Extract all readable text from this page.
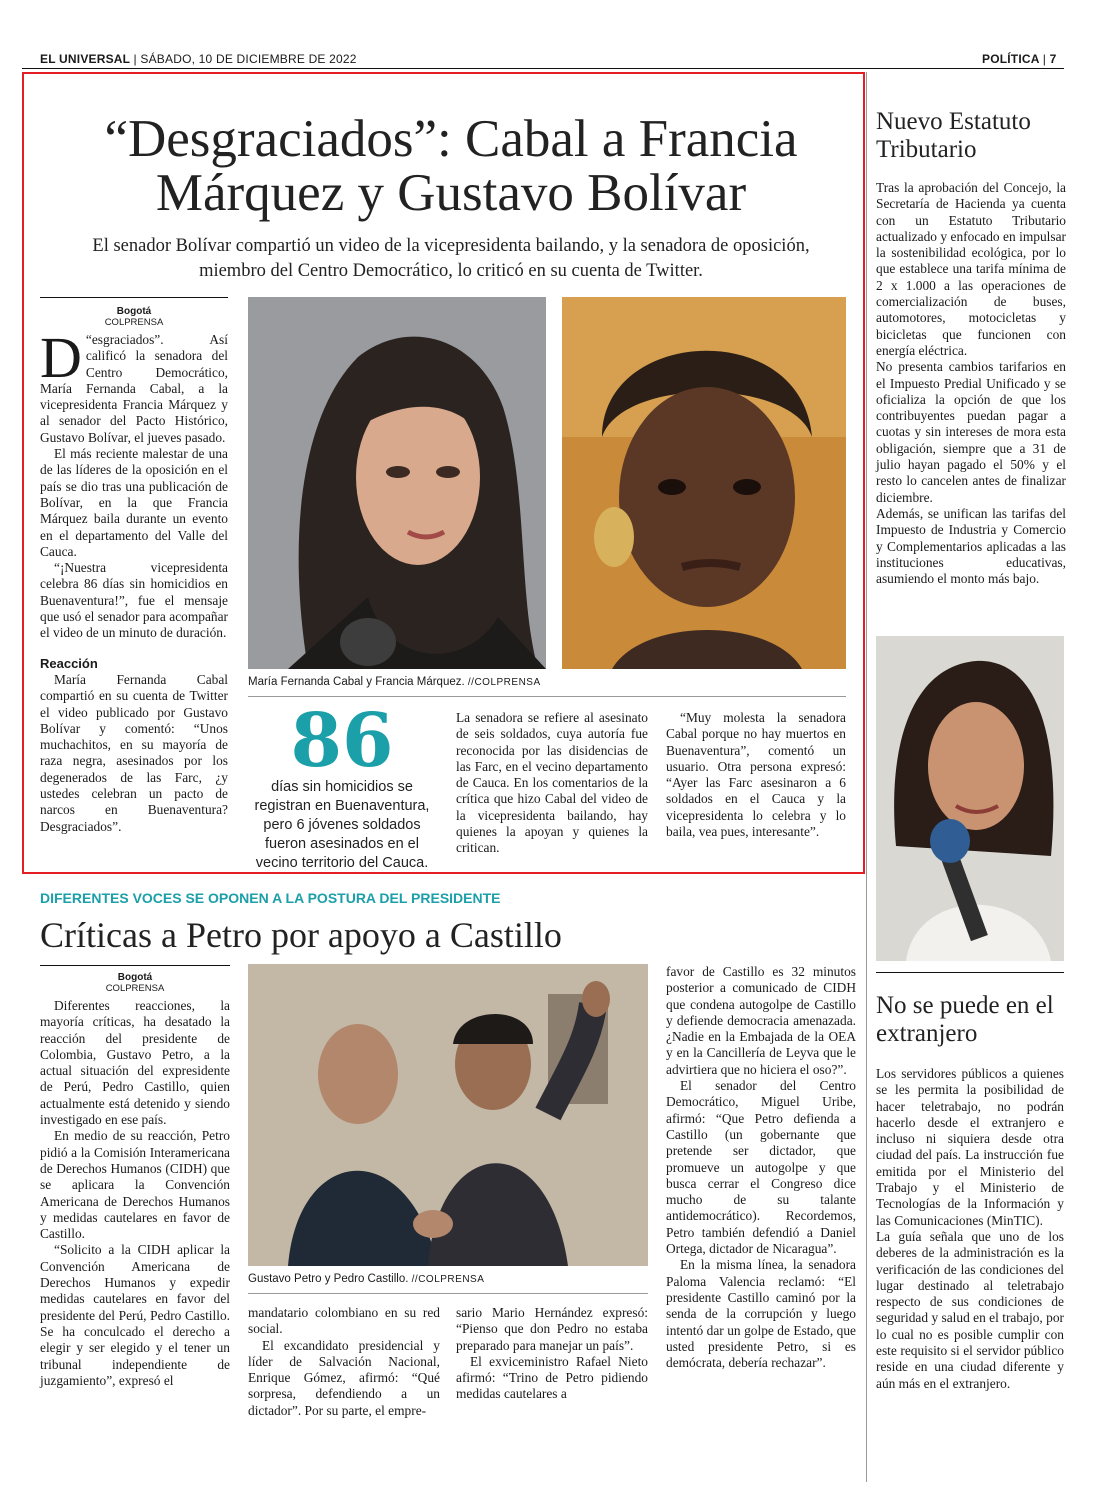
EL UNIVERSAL | SÁBADO, 10 DE DICIEMBRE DE 2022	POLÍTICA | 7
“Desgraciados”: Cabal a Francia Márquez y Gustavo Bolívar
El senador Bolívar compartió un video de la vicepresidenta bailando, y la senadora de oposición, miembro del Centro Democrático, lo criticó en su cuenta de Twitter.
Bogotá
COLPRENSA

D “esgraciados”. Así calificó la senadora del Centro Democrático, María Fernanda Cabal, a la vicepresidenta Francia Márquez y al senador del Pacto Histórico, Gustavo Bolívar, el jueves pasado.

El más reciente malestar de una de las líderes de la oposición en el país se dio tras una publicación de Bolívar, en la que Francia Márquez baila durante un evento en el departamento del Valle del Cauca.

“¡Nuestra vicepresidenta celebra 86 días sin homicidios en Buenaventura!”, fue el mensaje que usó el senador para acompañar el video de un minuto de duración.

Reacción

María Fernanda Cabal compartió en su cuenta de Twitter el video publicado por Gustavo Bolívar y comentó: “Unos muchachitos, en su mayoría de raza negra, asesinados por los degenerados de las Farc, ¿y ustedes celebran un pacto de narcos en Buenaventura? Desgraciados”.

María Fernanda Cabal y Francia Márquez. //COLPRENSA
86
días sin homicidios se registran en Buenaventura, pero 6 jóvenes soldados fueron asesinados en el vecino territorio del Cauca.

La senadora se refiere al asesinato de seis soldados, cuya autoría fue reconocida por las disidencias de las Farc, en el vecino departamento de Cauca. En los comentarios de la crítica que hizo Cabal del video de la vicepresidenta bailando, hay quienes la apoyan y quienes la critican.

“Muy molesta la senadora Cabal porque no hay muertos en Buenaventura”, comentó un usuario. Otra persona expresó: “Ayer las Farc asesinaron a 6 soldados en el Cauca y la vicepresidenta lo celebra y lo baila, vea pues, interesante”.

Nuevo Estatuto Tributario

Tras la aprobación del Concejo, la Secretaría de Hacienda ya cuenta con un Estatuto Tributario actualizado y enfocado en impulsar la sostenibilidad ecológica, por lo que establece una tarifa mínima de 2 x 1.000 a las operaciones de comercialización de buses, automotores, motocicletas y bicicletas que funcionen con energía eléctrica.

No presenta cambios tarifarios en el Impuesto Predial Unificado y se oficializa la opción de que los contribuyentes puedan pagar a cuotas y sin intereses de mora esta obligación, siempre que a 31 de julio hayan pagado el 50% y el resto lo cancelen antes de finalizar diciembre.

Además, se unifican las tarifas del Impuesto de Industria y Comercio y Complementarios aplicadas a las instituciones educativas, asumiendo el monto más bajo.

No se puede en el extranjero

Los servidores públicos a quienes se les permita la posibilidad de hacer teletrabajo, no podrán hacerlo desde el extranjero e incluso ni siquiera desde otra ciudad del país. La instrucción fue emitida por el Ministerio del Trabajo y el Ministerio de Tecnologías de la Información y las Comunicaciones (MinTIC).

La guía señala que uno de los deberes de la administración es la verificación de las condiciones del lugar destinado al teletrabajo respecto de sus condiciones de seguridad y salud en el trabajo, por lo cual no es posible cumplir con este requisito si el servidor público reside en una ciudad diferente y aún más en el extranjero.

DIFERENTES VOCES SE OPONEN A LA POSTURA DEL PRESIDENTE
Críticas a Petro por apoyo a Castillo
Bogotá
COLPRENSA

Diferentes reacciones, la mayoría críticas, ha desatado la reacción del presidente de Colombia, Gustavo Petro, a la actual situación del expresidente de Perú, Pedro Castillo, quien actualmente está detenido y siendo investigado en ese país.

En medio de su reacción, Petro pidió a la Comisión Interamericana de Derechos Humanos (CIDH) que se aplicara la Convención Americana de Derechos Humanos y medidas cautelares en favor de Castillo.

“Solicito a la CIDH aplicar la Convención Americana de Derechos Humanos y expedir medidas cautelares en favor del presidente del Perú, Pedro Castillo. Se ha conculcado el derecho a elegir y ser elegido y el tener un tribunal independiente de juzgamiento”, expresó el

Gustavo Petro y Pedro Castillo. //COLPRENSA

mandatario colombiano en su red social.

El excandidato presidencial y líder de Salvación Nacional, Enrique Gómez, afirmó: “Qué sorpresa, defendiendo a un dictador”. Por su parte, el empre-

sario Mario Hernández expresó: “Pienso que don Pedro no estaba preparado para manejar un país”.

El exviceministro Rafael Nieto afirmó: “Trino de Petro pidiendo medidas cautelares a

favor de Castillo es 32 minutos posterior a comunicado de CIDH que condena autogolpe de Castillo y defiende democracia amenazada. ¿Nadie en la Embajada de la OEA y en la Cancillería de Leyva que le advirtiera que no hiciera el oso?”.

El senador del Centro Democrático, Miguel Uribe, afirmó: “Que Petro defienda a Castillo (un gobernante que pretende ser dictador, que promueve un autogolpe y que busca cerrar el Congreso dice mucho de su talante antidemocrático). Recordemos, Petro también defendió a Daniel Ortega, dictador de Nicaragua”.

En la misma línea, la senadora Paloma Valencia reclamó: “El presidente Castillo caminó por la senda de la corrupción y luego intentó dar un golpe de Estado, que usted presidente Petro, si es demócrata, debería rechazar”.
